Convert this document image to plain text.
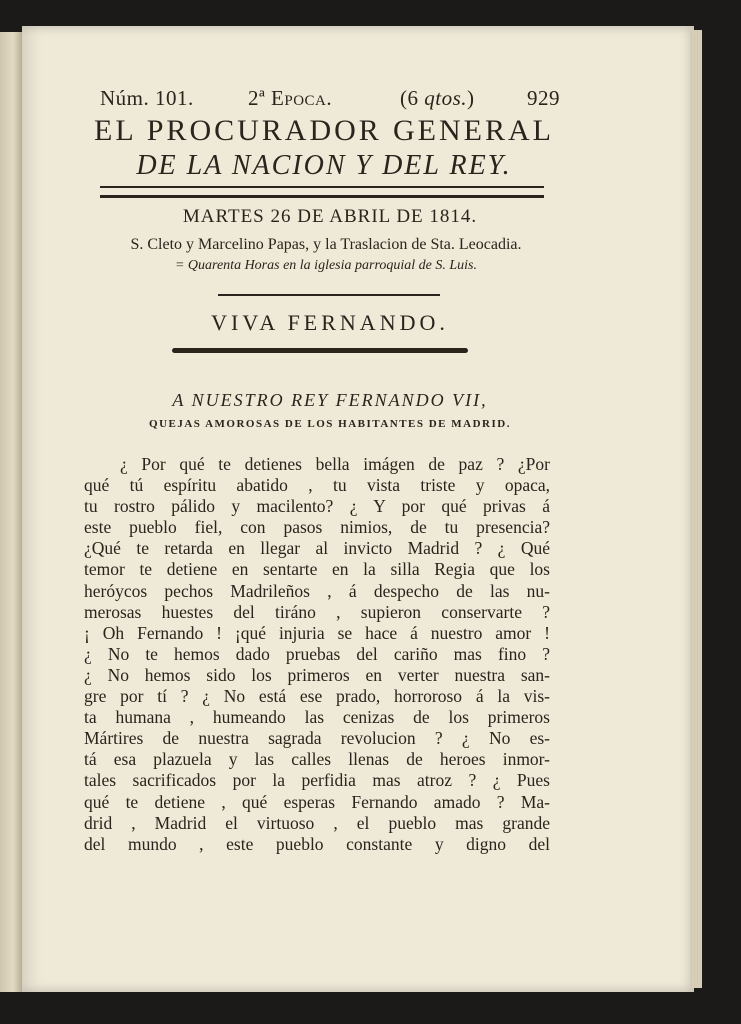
Núm. 101.	2ª Epoca.	(6 qtos.) 929
EL PROCURADOR GENERAL
DE LA NACION Y DEL REY.
MARTES 26 DE ABRIL DE 1814.
S. Cleto y Marcelino Papas, y la Traslacion de Sta. Leocadia.
= Quarenta Horas en la iglesia parroquial de S. Luis.
VIVA FERNANDO.
A NUESTRO REY FERNANDO VII,
QUEJAS AMOROSAS DE LOS HABITANTES DE MADRID.
¿ Por qué te detienes bella imágen de paz ? ¿Por
qué tú espíritu abatido , tu vista triste y opaca,
tu rostro pálido y macilento? ¿ Y por qué privas á
este pueblo fiel, con pasos nimios, de tu presencia?
¿Qué te retarda en llegar al invicto Madrid ? ¿ Qué
temor te detiene en sentarte en la silla Regia que los
heróycos pechos Madrileños , á despecho de las nu-
merosas huestes del tiráno , supieron conservarte ?
¡ Oh Fernando ! ¡qué injuria se hace á nuestro amor !
¿ No te hemos dado pruebas del cariño mas fino ?
¿ No hemos sido los primeros en verter nuestra san-
gre por tí ? ¿ No está ese prado, horroroso á la vis-
ta humana , humeando las cenizas de los primeros
Mártires de nuestra sagrada revolucion ? ¿ No es-
tá esa plazuela y las calles llenas de heroes inmor-
tales sacrificados por la perfidia mas atroz ? ¿ Pues
qué te detiene , qué esperas Fernando amado ? Ma-
drid , Madrid el virtuoso , el pueblo mas grande
del mundo , este pueblo constante y digno del
